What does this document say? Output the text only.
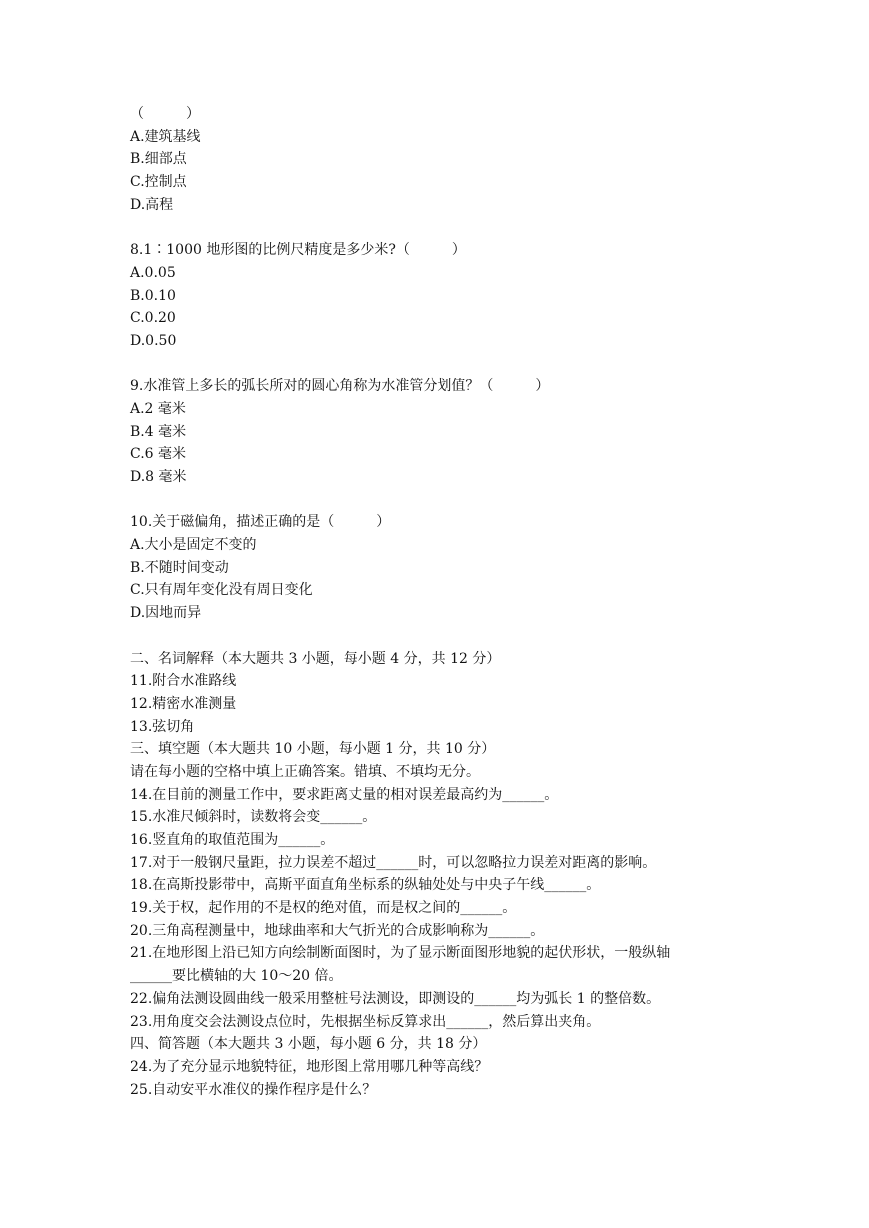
（　　　）
A.建筑基线
B.细部点
C.控制点
D.高程
8.1∶1000 地形图的比例尺精度是多少米?（　　　）
A.0.05
B.0.10
C.0.20
D.0.50
9.水准管上多长的弧长所对的圆心角称为水准管分划值？（　　　）
A.2 毫米
B.4 毫米
C.6 毫米
D.8 毫米
10.关于磁偏角，描述正确的是（　　　）
A.大小是固定不变的
B.不随时间变动
C.只有周年变化没有周日变化
D.因地而异
二、名词解释（本大题共 3 小题，每小题 4 分，共 12 分）
11.附合水准路线
12.精密水准测量
13.弦切角
三、填空题（本大题共 10 小题，每小题 1 分，共 10 分）
请在每小题的空格中填上正确答案。错填、不填均无分。
14.在目前的测量工作中，要求距离丈量的相对误差最高约为______。
15.水准尺倾斜时，读数将会变______。
16.竖直角的取值范围为______。
17.对于一般钢尺量距，拉力误差不超过______时，可以忽略拉力误差对距离的影响。
18.在高斯投影带中，高斯平面直角坐标系的纵轴处处与中央子午线______。
19.关于权，起作用的不是权的绝对值，而是权之间的______。
20.三角高程测量中，地球曲率和大气折光的合成影响称为______。
21.在地形图上沿已知方向绘制断面图时，为了显示断面图形地貌的起伏形状，一般纵轴
______要比横轴的大 10～20 倍。
22.偏角法测设圆曲线一般采用整桩号法测设，即测设的______均为弧长 1 的整倍数。
23.用角度交会法测设点位时，先根据坐标反算求出______，然后算出夹角。
四、简答题（本大题共 3 小题，每小题 6 分，共 18 分）
24.为了充分显示地貌特征，地形图上常用哪几种等高线？
25.自动安平水准仪的操作程序是什么？
